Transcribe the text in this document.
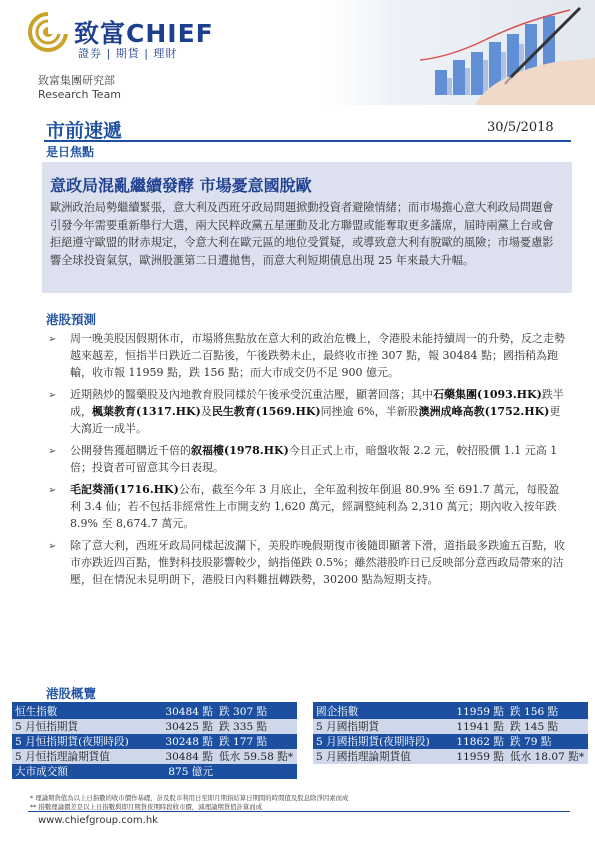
致富CHIEF
證券 | 期貨 | 理財
致富集團研究部
Research Team
市前速遞	30/5/2018
是日焦點
意政局混亂繼續發酵 市場憂意國脫歐
歐洲政治局勢繼續緊張，意大利及西班牙政局問題掀動投資者避險情緒；而市場擔心意大利政局問題會引發今年需要重新舉行大選，兩大民粹政黨五星運動及北方聯盟或能奪取更多議席，屆時兩黨上台或會拒絕遵守歐盟的財赤規定，令意大利在歐元區的地位受質疑，或導致意大利有脫歐的風險；市場憂慮影響全球投資氣氛，歐洲股滙第二日遭拋售，而意大利短期債息出現 25 年來最大升幅。
港股預測
➢ 周一晚美股因假期休市，市場將焦點放在意大利的政治危機上，令港股未能持續周一的升勢，反之走勢越來越差，恒指半日跌近二百點後，午後跌勢未止，最終收市挫 307 點，報 30484 點；國指稍為跑輸，收市報 11959 點，跌 156 點；而大市成交仍不足 900 億元。
➢ 近期熱炒的醫藥股及內地教育股同樣於午後承受沉重沽壓，顯著回落；其中石藥集團(1093.HK)跌半成，楓葉教育(1317.HK)及民生教育(1569.HK)同挫逾 6%，半新股澳洲成峰高教(1752.HK)更大瀉近一成半。
➢ 公開發售獲超購近千倍的叙福樓(1978.HK)今日正式上市，暗盤收報 2.2 元，較招股價 1.1 元高 1 倍；投資者可留意其今日表現。
➢ 毛記葵涌(1716.HK)公布，截至今年 3 月底止，全年盈利按年倒退 80.9% 至 691.7 萬元，每股盈利 3.4 仙；若不包括非經常性上市開支約 1,620 萬元，經調整純利為 2,310 萬元；期內收入按年跌 8.9% 至 8,674.7 萬元。
➢ 除了意大利，西班牙政局同樣起波瀾下，美股昨晚假期復市後隨即顯著下滑，道指最多跌逾五百點，收市亦跌近四百點，惟對科技股影響較少，納指僅跌 0.5%；雖然港股昨日已反映部分意西政局帶來的沽壓，但在情況未見明朗下，港股日內料難扭轉跌勢，30200 點為短期支持。
港股概覽
恒生指數	30484 點	跌 307 點
5 月恒指期貨	30425 點	跌 335 點
5 月恒指期貨(夜期時段)	30248 點	跌 177 點
5 月恒指理論期貨值	30484 點	低水 59.58 點*
大市成交額	875 億元	
國企指數	11959 點	跌 156 點
5 月國指期貨	11941 點	跌 145 點
5 月國指期貨(夜期時段)	11862 點	跌 79 點
5 月國指理論期貨值	11959 點	低水 18.07 點*
* 理論期貨值為以上日指數的收市價作基礎，計及股市利用日至即月期指結算日期間的時間值及股息除淨因素而成
** 指數理論價差是以上日指數與即月期貨夜期時段收市價，減理論期貨值計算而成
www.chiefgroup.com.hk
